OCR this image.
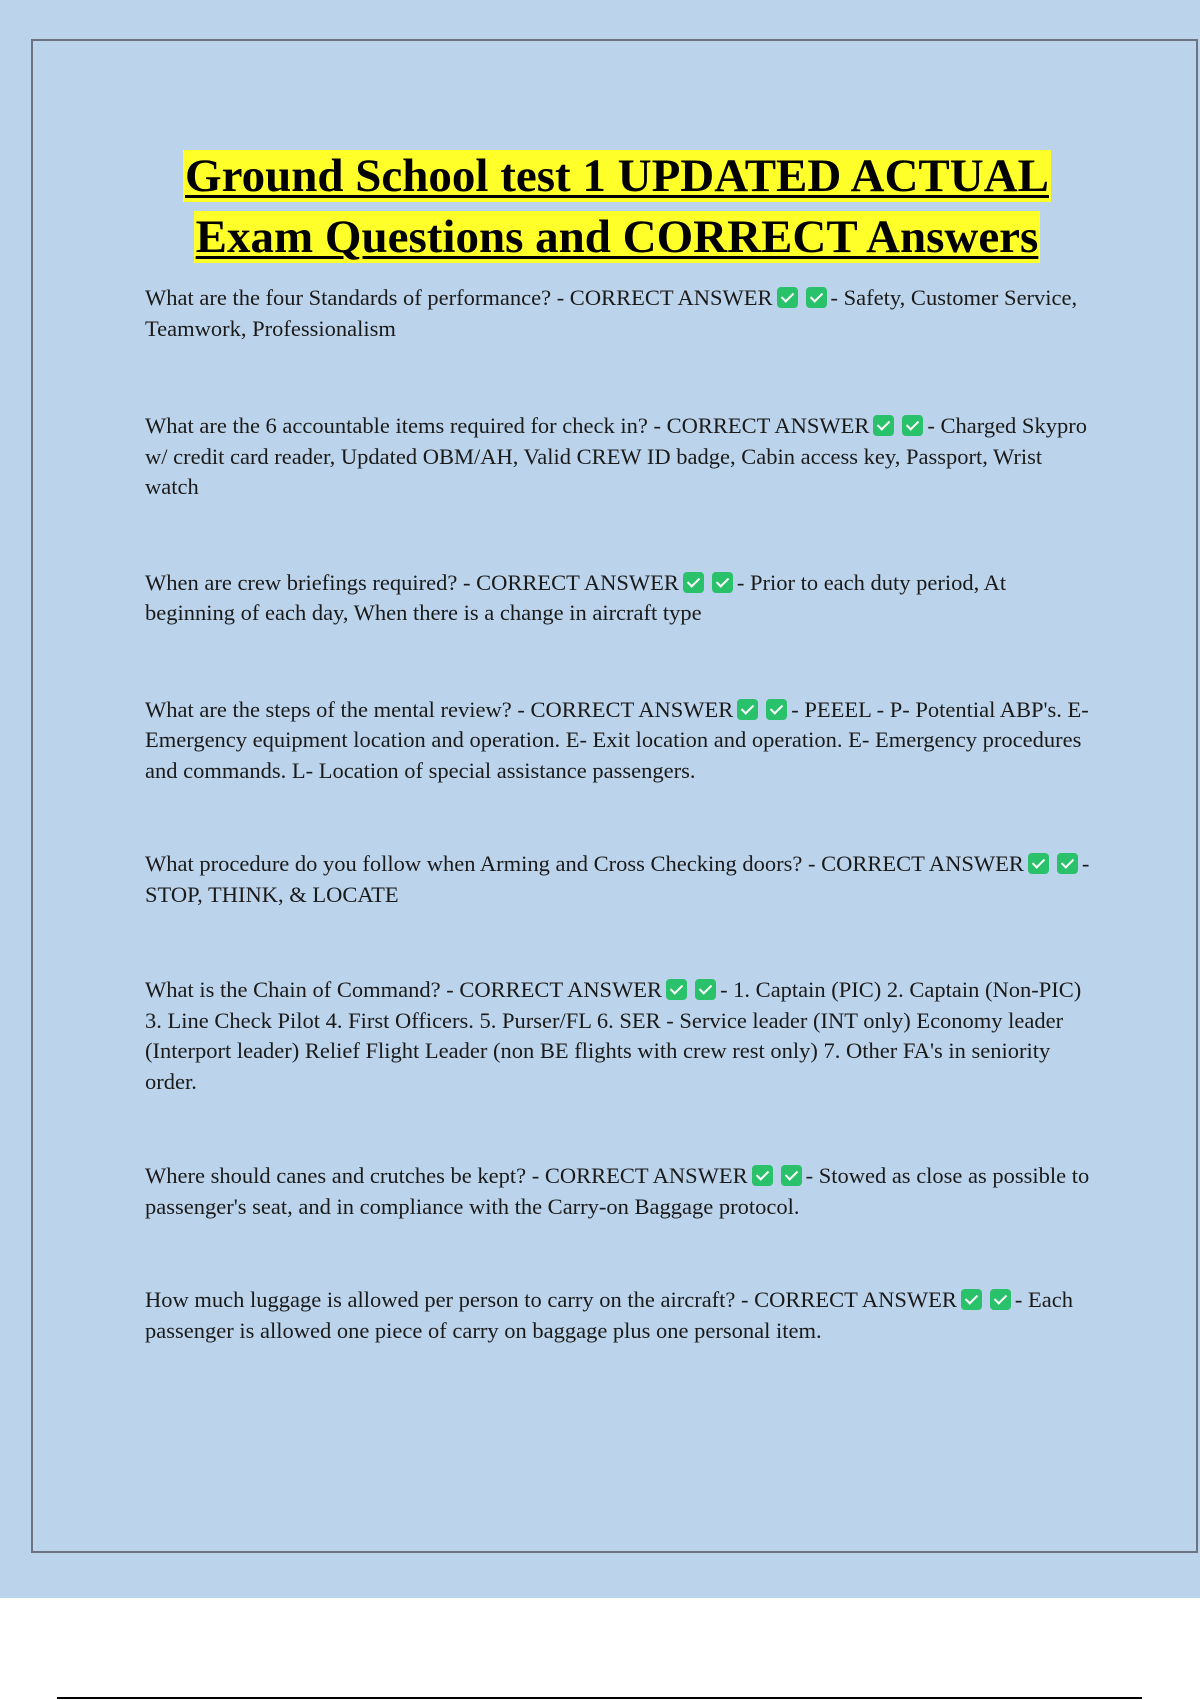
Ground School test 1 UPDATED ACTUAL
Exam Questions and CORRECT Answers

What are the four Standards of performance? - CORRECT ANSWER	- Safety, Customer Service, Teamwork, Professionalism

What are the 6 accountable items required for check in? - CORRECT ANSWER	- Charged Skypro w/ credit card reader, Updated OBM/AH, Valid CREW ID badge, Cabin access key, Passport, Wrist watch

When are crew briefings required? - CORRECT ANSWER	- Prior to each duty period, At beginning of each day, When there is a change in aircraft type

What are the steps of the mental review? - CORRECT ANSWER	- PEEEL - P- Potential ABP's. E- Emergency equipment location and operation. E- Exit location and operation. E- Emergency procedures and commands. L- Location of special assistance passengers.

What procedure do you follow when Arming and Cross Checking doors? - CORRECT ANSWER	- STOP, THINK, & LOCATE

What is the Chain of Command? - CORRECT ANSWER	- 1. Captain (PIC) 2. Captain (Non-PIC) 3. Line Check Pilot 4. First Officers. 5. Purser/FL 6. SER - Service leader (INT only) Economy leader (Interport leader) Relief Flight Leader (non BE flights with crew rest only) 7. Other FA's in seniority order.

Where should canes and crutches be kept? - CORRECT ANSWER	- Stowed as close as possible to passenger's seat, and in compliance with the Carry-on Baggage protocol.

How much luggage is allowed per person to carry on the aircraft? - CORRECT ANSWER	- Each passenger is allowed one piece of carry on baggage plus one personal item.
